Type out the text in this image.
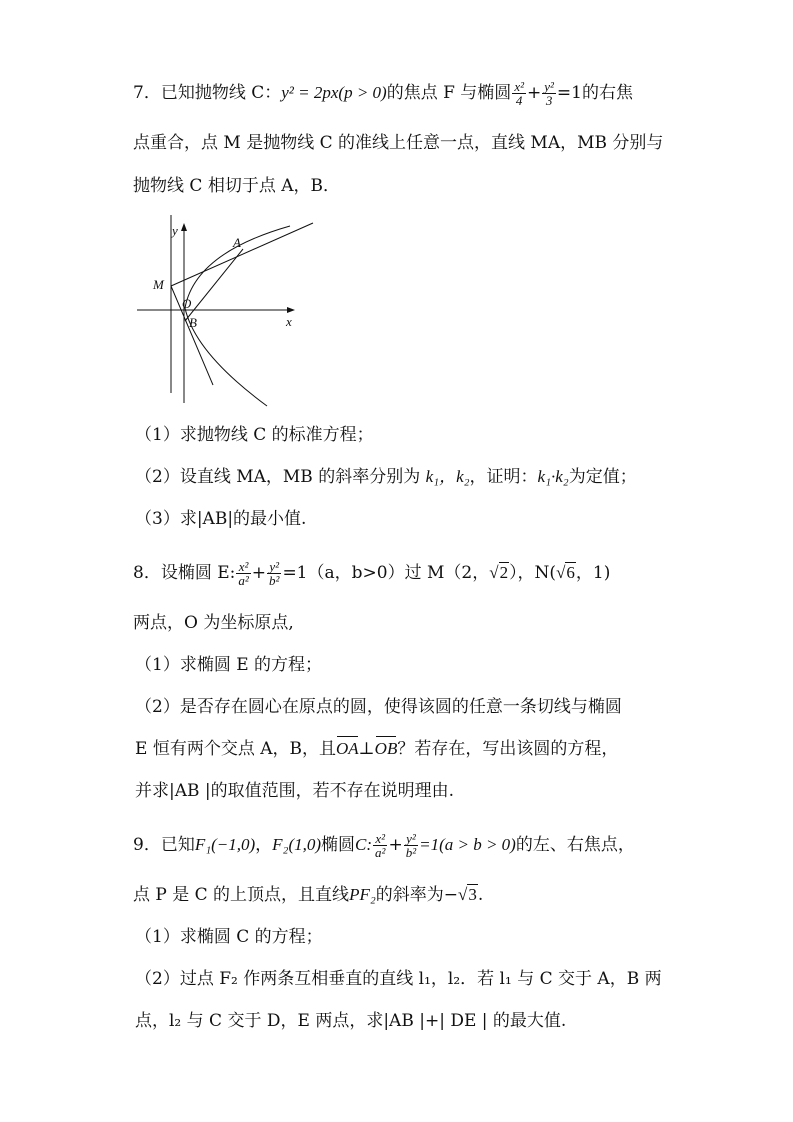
7．已知抛物线 C：y² = 2px(p > 0)的焦点 F 与椭圆 $\frac{\text{x²}}{4} + \frac{\text{y²}}{3} =1$的右焦
点重合，点 M 是抛物线 C 的准线上任意一点，直线 MA，MB 分别与
抛物线 C 相切于点 A，B．
y
x
M
O
A
B
（1）求抛物线 C 的标准方程；
（2）设直线 MA，MB 的斜率分别为 k₁，k₂，证明：k₁·k₂为定值；
（3）求|AB|的最小值.
8．设椭圆 E: $\frac{\text{x²}}{\text{a²}} + \frac{\text{y²}}{\text{b²}} =1(a$，b>0）过 M（2，√2），N(√6，1)
两点，O 为坐标原点,
（1）求椭圆 E 的方程；
（2）是否存在圆心在原点的圆，使得该圆的任意一条切线与椭圆
E 恒有两个交点 A，B，且OA⊥OB？若存在，写出该圆的方程，
并求|AB |的取值范围，若不存在说明理由.
9．已知F₁(−1,0)，F₂(1,0)椭圆C: $\frac{\text{x²}}{\text{a²}} + \frac{\text{y²}}{\text{b²}} =1(a > b > 0)$的左、右焦点，
点 P 是 C 的上顶点，且直线PF₂的斜率为−√3.
（1）求椭圆 C 的方程；
（2）过点 F₂ 作两条互相垂直的直线 l₁，l₂．若 l₁ 与 C 交于 A，B 两
点，l₂ 与 C 交于 D，E 两点，求|AB |+| DE | 的最大值.
